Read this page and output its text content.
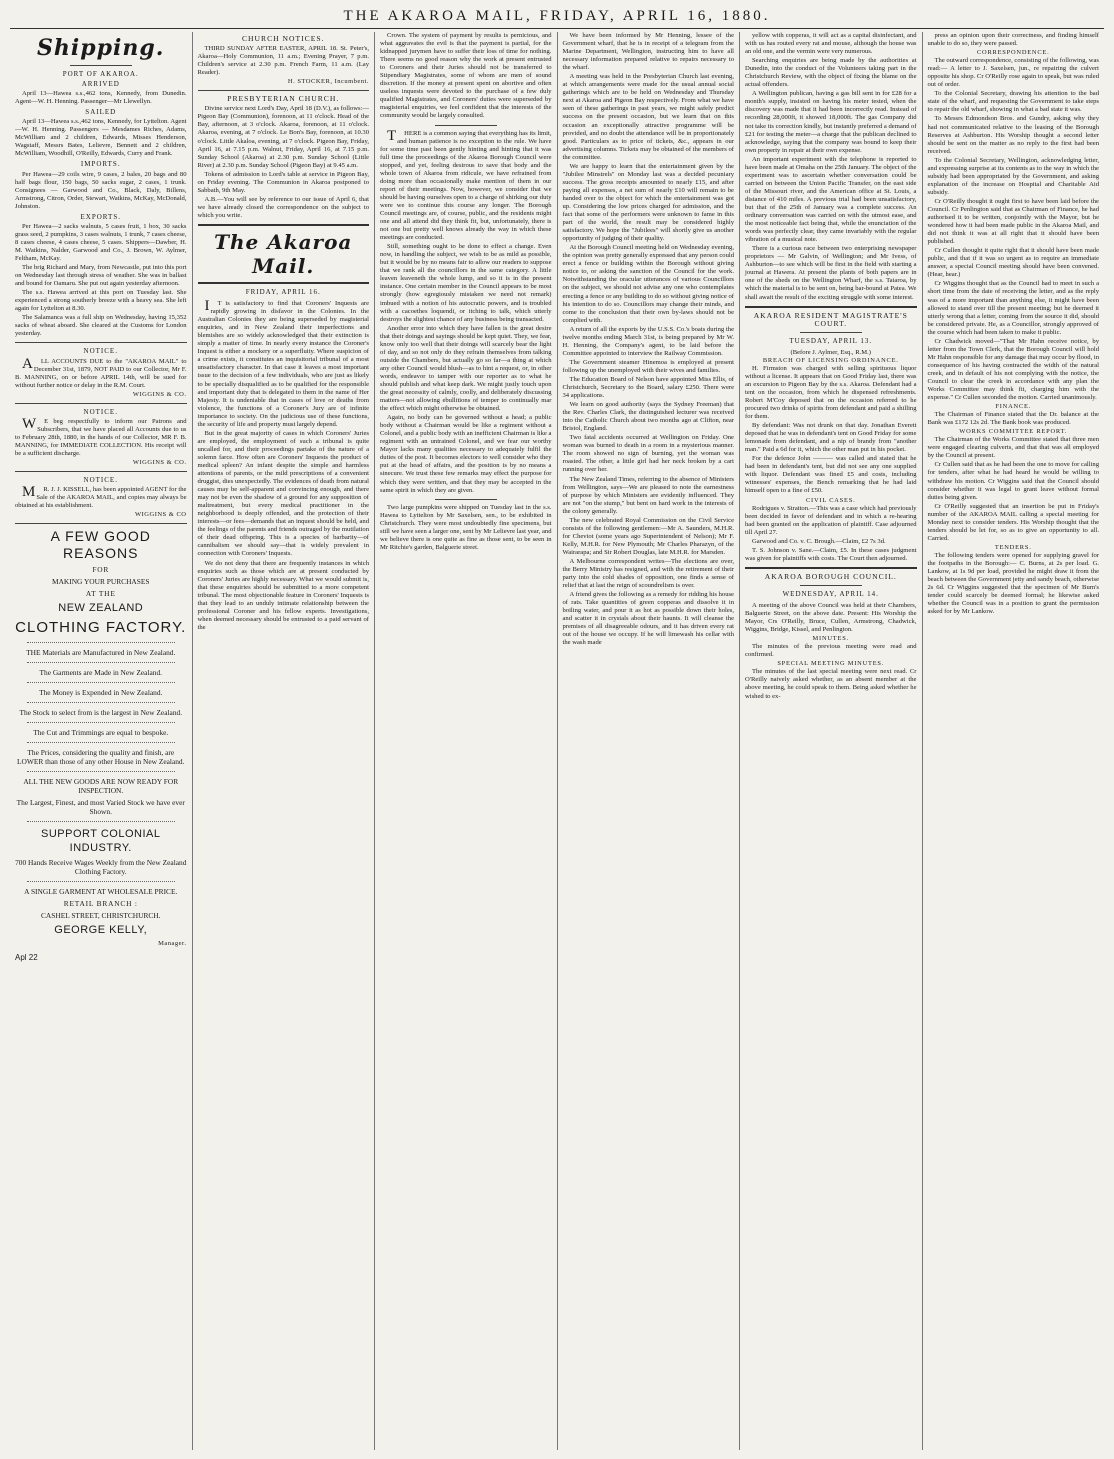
THE AKAROA MAIL, FRIDAY, APRIL 16, 1880.
Shipping.
PORT OF AKAROA.
ARRIVED

April 13—Hawea s.s.,462 tons, Kennedy, from Dunedin. Agent—W. H. Henning. Passenger—Mr Llewellyn.

SAILED

April 13—Hawea s.s.,462 tons, Kennedy, for Lyttelton. Agent—W. H. Henning. Passengers — Mesdames Riches, Adams, McWilliam and 2 children, Edwards, Misses Henderson, Wagstaff, Messrs Bates, Lelievre, Bennett and 2 children, McWilliam, Woodhill, O'Reilly, Edwards, Curry and Frank.

IMPORTS.

Per Hawea—29 coils wire, 9 cases, 2 bales, 20 bags and 80 half bags flour, 150 bags, 50 sacks sugar, 2 cases, 1 trunk. Consignees — Garwood and Co., Black, Daly, Billens, Armstrong, Citron, Order, Stewart, Watkins, McKay, McDonald, Johnston.

EXPORTS.

Per Hawea—2 sacks walnuts, 5 cases fruit, 1 box, 30 sacks grass seed, 2 pumpkins, 3 cases walnuts, 1 trunk, 7 cases cheese, 8 cases cheese, 4 cases cheese, 5 cases. Shippers—Dawber, H. M. Watkins, Nalder, Garwood and Co., J. Brown, W. Aylmer, Feltham, McKay.

The brig Richard and Mary, from Newcastle, put into this port on Wednesday last through stress of weather. She was in ballast and bound for Oamaru. She put out again yesterday afternoon.

The s.s. Hawea arrived at this port on Tuesday last. She experienced a strong southerly breeze with a heavy sea. She left again for Lyttelton at 8.30.

The Salamanca was a full ship on Wednesday, having 15,352 sacks of wheat aboard. She cleared at the Customs for London yesterday.

NOTICE.

ALL ACCOUNTS DUE to the "AKAROA MAIL" to December 31st, 1879, NOT PAID to our Collector, Mr F. B. MANNING, on or before APRIL 14th, will be sued for without further notice or delay in the R.M. Court.

WIGGINS & CO.
NOTICE.

WE beg respectfully to inform our Patrons and Subscribers, that we have placed all Accounts due to us to February 28th, 1880, in the hands of our Collector, MR F. B. MANNING, for IMMEDIATE COLLECTION. His receipt will be a sufficient discharge.

WIGGINS & CO.
NOTICE.

MR. J. J. KISSELL, has been appointed AGENT for the Sale of the AKAROA MAIL, and copies may always be obtained at his establishment.

WIGGINS & CO
A FEW GOOD REASONS
FOR
MAKING YOUR PURCHASES
AT THE
NEW ZEALAND
CLOTHING FACTORY.
THE Materials are Manufactured in New Zealand.
The Garments are Made in New Zealand.
The Money is Expended in New Zealand.
The Stock to select from is the largest in New Zealand.
The Cut and Trimmings are equal to bespoke.
The Prices, considering the quality and finish, are LOWER than those of any other House in New Zealand.
ALL THE NEW GOODS ARE NOW READY FOR INSPECTION.
The Largest, Finest, and most Varied Stock we have ever Shown.
SUPPORT COLONIAL INDUSTRY.
700 Hands Receive Wages Weekly from the New Zealand Clothing Factory.
A SINGLE GARMENT AT WHOLESALE PRICE.
RETAIL BRANCH :
CASHEL STREET, CHRISTCHURCH.
GEORGE KELLY,
Manager.
Apl 22
CHURCH NOTICES.

THIRD SUNDAY AFTER EASTER, APRIL 18. St. Peter's, Akaroa—Holy Communion, 11 a.m.; Evening Prayer, 7 p.m. Children's service at 2.30 p.m. French Farm, 11 a.m. (Lay Reader).

H. STOCKER, Incumbent.
PRESBYTERIAN CHURCH.

Divine service next Lord's Day, April 18 (D.V.), as follows:— Pigeon Bay (Communion), forenoon, at 11 o'clock. Head of the Bay, afternoon, at 3 o'clock. Akaroa, forenoon, at 11 o'clock. Akaroa, evening, at 7 o'clock. Le Bon's Bay, forenoon, at 10.30 o'clock. Little Akaloa, evening, at 7 o'clock. Pigeon Bay, Friday, April 16, at 7.15 p.m. Walnut, Friday, April 16, at 7.15 p.m. Sunday School (Akaroa) at 2.30 p.m. Sunday School (Little River) at 2.30 p.m. Sunday School (Pigeon Bay) at 9.45 a.m.

Tokens of admission to Lord's table at service in Pigeon Bay, on Friday evening. The Communion in Akaroa postponed to Sabbath, 9th May.

A.B.—You will see by reference to our issue of April 6, that we have already closed the correspondence on the subject to which you write.

The Akaroa Mail.
FRIDAY, APRIL 16.

IT is satisfactory to find that Coroners' Inquests are rapidly growing in disfavor in the Colonies. In the Australian Colonies they are being superseded by magisterial enquiries, and in New Zealand their imperfections and blemishes are so widely acknowledged that their extinction is simply a matter of time. In nearly every instance the Coroner's Inquest is either a mockery or a superfluity. Where suspicion of a crime exists, it constitutes an inquisitorial tribunal of a most unsatisfactory character. In that case it leaves a most important issue to the decision of a few individuals, who are just as likely to be specially disqualified as to be qualified for the responsible and important duty that is delegated to them in the name of Her Majesty. It is undeniable that in cases of love or deaths from violence, the functions of a Coroner's Jury are of infinite importance to society. On the judicious use of these functions, the security of life and property must largely depend.

But in the great majority of cases in which Coroners' Juries are employed, the employment of such a tribunal is quite uncalled for, and their proceedings partake of the nature of a solemn farce. How often are Coroners' Inquests the product of medical spleen? An infant despite the simple and harmless attentions of parents, or the mild prescriptions of a convenient druggist, dies unexpectedly. The evidences of death from natural causes may be self-apparent and convincing enough, and there may not be even the shadow of a ground for any supposition of maltreatment, but every medical practitioner in the neighborhood is deeply offended, and the protection of their interests—or fees—demands that an inquest should be held, and the feelings of the parents and friends outraged by the mutilation of their dead offspring. This is a species of barbarity—of cannibalism we should say—that is widely prevalent in connection with Coroners' Inquests.

We do not deny that there are frequently instances in which enquiries such as those which are at present conducted by Coroners' Juries are highly necessary. What we would submit is, that these enquiries should be submitted to a more competent tribunal. The most objectionable feature in Coroners' Inquests is that they lead to an unduly intimate relationship between the professional Coroner and his fellow experts. Investigations, when deemed necessary should be entrusted to a paid servant of the

Crown. The system of payment by results is pernicious, and what aggravates the evil is that the payment is partial, for the kidnapped jurymen have to suffer their loss of time for nothing. There seems no good reason why the work at present entrusted to Coroners and their Juries should not be transferred to Stipendiary Magistrates, some of whom are men of sound discretion. If the money at present spent on abortive and often useless inquests were devoted to the purchase of a few duly qualified Magistrates, and Coroners' duties were superseded by magisterial enquiries, we feel confident that the interests of the community would be largely consulted.

THERE is a common saying that everything has its limit, and human patience is no exception to the rule. We have for some time past been gently hinting and hinting that it was full time the proceedings of the Akaroa Borough Council were stopped, and yet, feeling desirous to save that body and the whole town of Akaroa from ridicule, we have refrained from doing more than occasionally make mention of them in our report of their meetings. Now, however, we consider that we should be having ourselves open to a charge of shirking our duty were we to continue this course any longer. The Borough Council meetings are, of course, public, and the residents might one and all attend did they think fit, but, unfortunately, there is not one but pretty well knows already the way in which these meetings are conducted.

Still, something ought to be done to effect a change. Even now, in handling the subject, we wish to be as mild as possible, but it would be by no means fair to allow our readers to suppose that we rank all the councillors in the same category. A little leaven leaveneth the whole lump, and so it is in the present instance. One certain member in the Council appears to be most strongly (how egregiously mistaken we need not remark) imbued with a notion of his autocratic powers, and is troubled with a cacoethes loquendi, or itching to talk, which utterly destroys the slightest chance of any business being transacted.

Another error into which they have fallen is the great desire that their doings and sayings should be kept quiet. They, we fear, know only too well that their doings will scarcely bear the light of day, and so not only do they refrain themselves from talking outside the Chambers, but actually go so far—a thing at which any other Council would blush—as to hint a request, or, in other words, endeavor to tamper with our reporter as to what he should publish and what keep dark. We might justly touch upon the great necessity of calmly, coolly, and deliberately discussing matters—not allowing ebullitions of temper to continually mar the effect which might otherwise be obtained.

Again, no body can be governed without a head; a public body without a Chairman would be like a regiment without a Colonel, and a public body with an inefficient Chairman is like a regiment with an untrained Colonel, and we fear our worthy Mayor lacks many qualities necessary to adequately fulfil the duties of the post. It becomes electors to well consider who they put at the head of affairs, and the position is by no means a sinecure. We trust these few remarks may effect the purpose for which they were written, and that they may be accepted in the same spirit in which they are given.

Two large pumpkins were shipped on Tuesday last in the s.s. Hawea to Lyttelton by Mr Saxelsen, sen., to be exhibited in Christchurch. They were most undoubtedly fine specimens, but still we have seen a larger one, sent by Mr Lelievre last year, and we believe there is one quite as fine as those sent, to be seen in Mr Ritchie's garden, Balguerie street.

We have been informed by Mr Henning, lessee of the Government wharf, that he is in receipt of a telegram from the Marine Department, Wellington, instructing him to have all necessary information prepared relative to repairs necessary to the wharf.

A meeting was held in the Presbyterian Church last evening, at which arrangements were made for the usual annual social gatherings which are to be held on Wednesday and Thursday next at Akaroa and Pigeon Bay respectively. From what we have seen of these gatherings in past years, we might safely predict success on the present occasion, but we learn that on this occasion an exceptionally attractive programme will be provided, and no doubt the attendance will be in proportionately good. Particulars as to price of tickets, &c., appears in our advertising columns. Tickets may be obtained of the members of the committee.

We are happy to learn that the entertainment given by the "Jubilee Minstrels" on Monday last was a decided pecuniary success. The gross receipts amounted to nearly £15, and after paying all expenses, a net sum of nearly £10 will remain to be handed over to the object for which the entertainment was got up. Considering the low prices charged for admission, and the fact that some of the performers were unknown to fame in this part of the world, the result may be considered highly satisfactory. We hope the "Jubilees" will shortly give us another opportunity of judging of their quality.

At the Borough Council meeting held on Wednesday evening, the opinion was pretty generally expressed that any person could erect a fence or building within the Borough without giving notice to, or asking the sanction of the Council for the work. Notwithstanding the oracular utterances of various Councillors on the subject, we should not advise any one who contemplates erecting a fence or any building to do so without giving notice of his intention to do so. Councillors may change their minds, and come to the conclusion that their own by-laws should not be complied with.

A return of all the exports by the U.S.S. Co.'s boats during the twelve months ending March 31st, is being prepared by Mr W. H. Henning, the Company's agent, to be laid before the Committee appointed to interview the Railway Commission.

The Government steamer Hinemoa is employed at present following up the unemployed with their wives and families.

The Education Board of Nelson have appointed Miss Ellis, of Christchurch, Secretary to the Board, salary £250. There were 34 applications.

We learn on good authority (says the Sydney Freeman) that the Rev. Charles Clark, the distinguished lecturer was received into the Catholic Church about two months ago at Clifton, near Bristol, England.

Two fatal accidents occurred at Wellington on Friday. One woman was burned to death in a room in a mysterious manner. The room showed no sign of burning, yet the woman was roasted. The other, a little girl had her neck broken by a cart running over her.

The New Zealand Times, referring to the absence of Ministers from Wellington, says—We are pleased to note the earnestness of purpose by which Ministers are evidently influenced. They are not "on the stump," but bent on hard work in the interests of the colony generally.

The new celebrated Royal Commission on the Civil Service consists of the following gentlemen:—Mr A. Saunders, M.H.R. for Cheviot (some years ago Superintendent of Nelson); Mr F. Kelly, M.H.R. for New Plymouth; Mr Charles Pharazyn, of the Wairarapa; and Sir Robert Douglas, late M.H.R. for Marsden.

A Melbourne correspondent writes—The elections are over, the Berry Ministry has resigned, and with the retirement of their party into the cold shades of opposition, one finds a sense of relief that at last the reign of scoundrelism is over.

A friend gives the following as a remedy for ridding his house of rats. Take quantities of green copperas and dissolve it in boiling water, and pour it as hot as possible down their holes, and scatter it in crystals about their haunts. It will cleanse the premises of all disagreeable odours, and it has driven every rat out of the house we occupy. If he will limewash his cellar with the wash made

yellow with copperas, it will act as a capital disinfectant, and with us has routed every rat and mouse, although the house was an old one, and the vermin were very numerous.

Searching enquiries are being made by the authorities at Dunedin, into the conduct of the Volunteers taking part in the Christchurch Review, with the object of fixing the blame on the actual offenders.

A Wellington publican, having a gas bill sent in for £28 for a month's supply, insisted on having his meter tested, when the discovery was made that it had been incorrectly read. Instead of recording 28,000ft, it showed 18,000ft. The gas Company did not take its correction kindly, but instantly preferred a demand of £21 for testing the meter—a charge that the publican declined to acknowledge, saying that the company was bound to keep their own property in repair at their own expense.

An important experiment with the telephone is reported to have been made at Omaha on the 25th January. The object of the experiment was to ascertain whether conversation could be carried on between the Union Pacific Transfer, on the east side of the Missouri river, and the American office at St. Louis, a distance of 410 miles. A previous trial had been unsatisfactory, but that of the 25th of January was a complete success. An ordinary conversation was carried on with the utmost ease, and the most noticeable fact being that, while the enunciation of the words was perfectly clear, they came invariably with the regular vibration of a musical note.

There is a curious race between two enterprising newspaper proprietors — Mr Galvin, of Wellington; and Mr Ivess, of Ashburton—to see which will be first in the field with starting a journal at Hawera. At present the plants of both papers are in one of the sheds on the Wellington Wharf, the s.s. Taiaroa, by which the material is to be sent on, being bar-bound at Patea. We shall await the result of the exciting struggle with some interest.

AKAROA RESIDENT MAGISTRATE'S COURT.
TUESDAY, APRIL 13.
(Before J. Aylmer, Esq., R.M.)
BREACH OF LICENSING ORDINANCE.

H. Firmston was charged with selling spirituous liquor without a license. It appears that on Good Friday last, there was an excursion to Pigeon Bay by the s.s. Akaroa. Defendant had a tent on the occasion, from which he dispensed refreshments. Robert M'Coy deposed that on the occasion referred to he procured two drinks of spirits from defendant and paid a shilling for them.

By defendant: Was not drunk on that day. Jonathan Everett deposed that he was in defendant's tent on Good Friday for some lemonade from defendant, and a nip of brandy from "another man." Paid a 6d for it, which the other man put in his pocket.

For the defence John ——— was called and stated that he had been in defendant's tent, but did not see any one supplied with liquor. Defendant was fined £5 and costs, including witnesses' expenses, the Bench remarking that he had laid himself open to a fine of £50.

CIVIL CASES.

Rodrigues v. Stratton.—This was a case which had previously been decided in favor of defendant and in which a re-hearing had been granted on the application of plaintiff. Case adjourned till April 27.

Garwood and Co. v. C. Brough.—Claim, £2 7s 3d.

T. S. Johnson v. Sane.—Claim, £5. In these cases judgment was given for plaintiffs with costs. The Court then adjourned.

AKAROA BOROUGH COUNCIL.
WEDNESDAY, APRIL 14.

A meeting of the above Council was held at their Chambers, Balguerie Street, on the above date. Present: His Worship the Mayor, Crs O'Reilly, Bruce, Cullen, Armstrong, Chadwick, Wiggins, Bridge, Kissel, and Penlington.

MINUTES.

The minutes of the previous meeting were read and confirmed.

SPECIAL MEETING MINUTES.

The minutes of the last special meeting were next read. Cr O'Reilly naively asked whether, as an absent member at the above meeting, he could speak to them. Being asked whether he wished to ex-

press an opinion upon their correctness, and finding himself unable to do so, they were passed.

CORRESPONDENCE.

The outward correspondence, consisting of the following, was read:— A letter to J. Saxelsen, jun., re repairing the culvert opposite his shop. Cr O'Reilly rose again to speak, but was ruled out of order.

To the Colonial Secretary, drawing his attention to the bad state of the wharf, and requesting the Government to take steps to repair the old wharf, showing in what a bad state it was.

To Messrs Edmondson Bros. and Gundry, asking why they had not communicated relative to the leasing of the Borough Reserves at Ashburton. His Worship thought a second letter should be sent on the matter as no reply to the first had been received.

To the Colonial Secretary, Wellington, acknowledging letter, and expressing surprise at its contents as to the way in which the subsidy had been appropriated by the Government, and asking explanation of the increase on Hospital and Charitable Aid subsidy.

Cr O'Reilly thought it ought first to have been laid before the Council. Cr Penlington said that as Chairman of Finance, he had authorised it to be written, conjointly with the Mayor, but he wondered how it had been made public in the Akaroa Mail, and did not think it was at all right that it should have been published.

Cr Cullen thought it quite right that it should have been made public, and that if it was so urgent as to require an immediate answer, a special Council meeting should have been convened. (Hear, hear.)

Cr Wiggins thought that as the Council had to meet in such a short time from the date of receiving the letter, and as the reply was of a more important than anything else, it might have been allowed to stand over till the present meeting; but he deemed it utterly wrong that a letter, coming from the source it did, should be considered private. He, as a Councillor, strongly approved of the course which had been taken to make it public.

Cr Chadwick moved—"That Mr Hahn receive notice, by letter from the Town Clerk, that the Borough Council will hold Mr Hahn responsible for any damage that may occur by flood, in consequence of his having contracted the width of the natural creek, and in default of his not complying with the notice, the Council to clear the creek in accordance with any plan the Works Committee may think fit, charging him with the expense." Cr Cullen seconded the motion. Carried unanimously.

FINANCE.

The Chairman of Finance stated that the Dr. balance at the Bank was £172 12s 2d. The Bank book was produced.

WORKS COMMITTEE REPORT.

The Chairman of the Works Committee stated that three men were engaged clearing culverts, and that that was all employed by the Council at present.

Cr Cullen said that as he had been the one to move for calling for tenders, after what he had heard he would be willing to withdraw his motion. Cr Wiggins said that the Council should consider whether it was legal to grant leave without formal duties being given.

Cr O'Reilly suggested that an insertion be put in Friday's number of the AKAROA MAIL calling a special meeting for Monday next to consider tenders. His Worship thought that the tenders should be let for, so as to give an opportunity to all. Carried.

TENDERS.

The following tenders were opened for supplying gravel for the footpaths in the Borough:— C. Burns, at 2s per load. G. Lankow, at 1s 9d per load, provided he might draw it from the beach between the Government jetty and sandy beach, otherwise 2s 6d. Cr Wiggins suggested that the specimen of Mr Burn's tender could scarcely be deemed formal; he likewise asked whether the Council was in a position to grant the permission asked for by Mr Lankow.
